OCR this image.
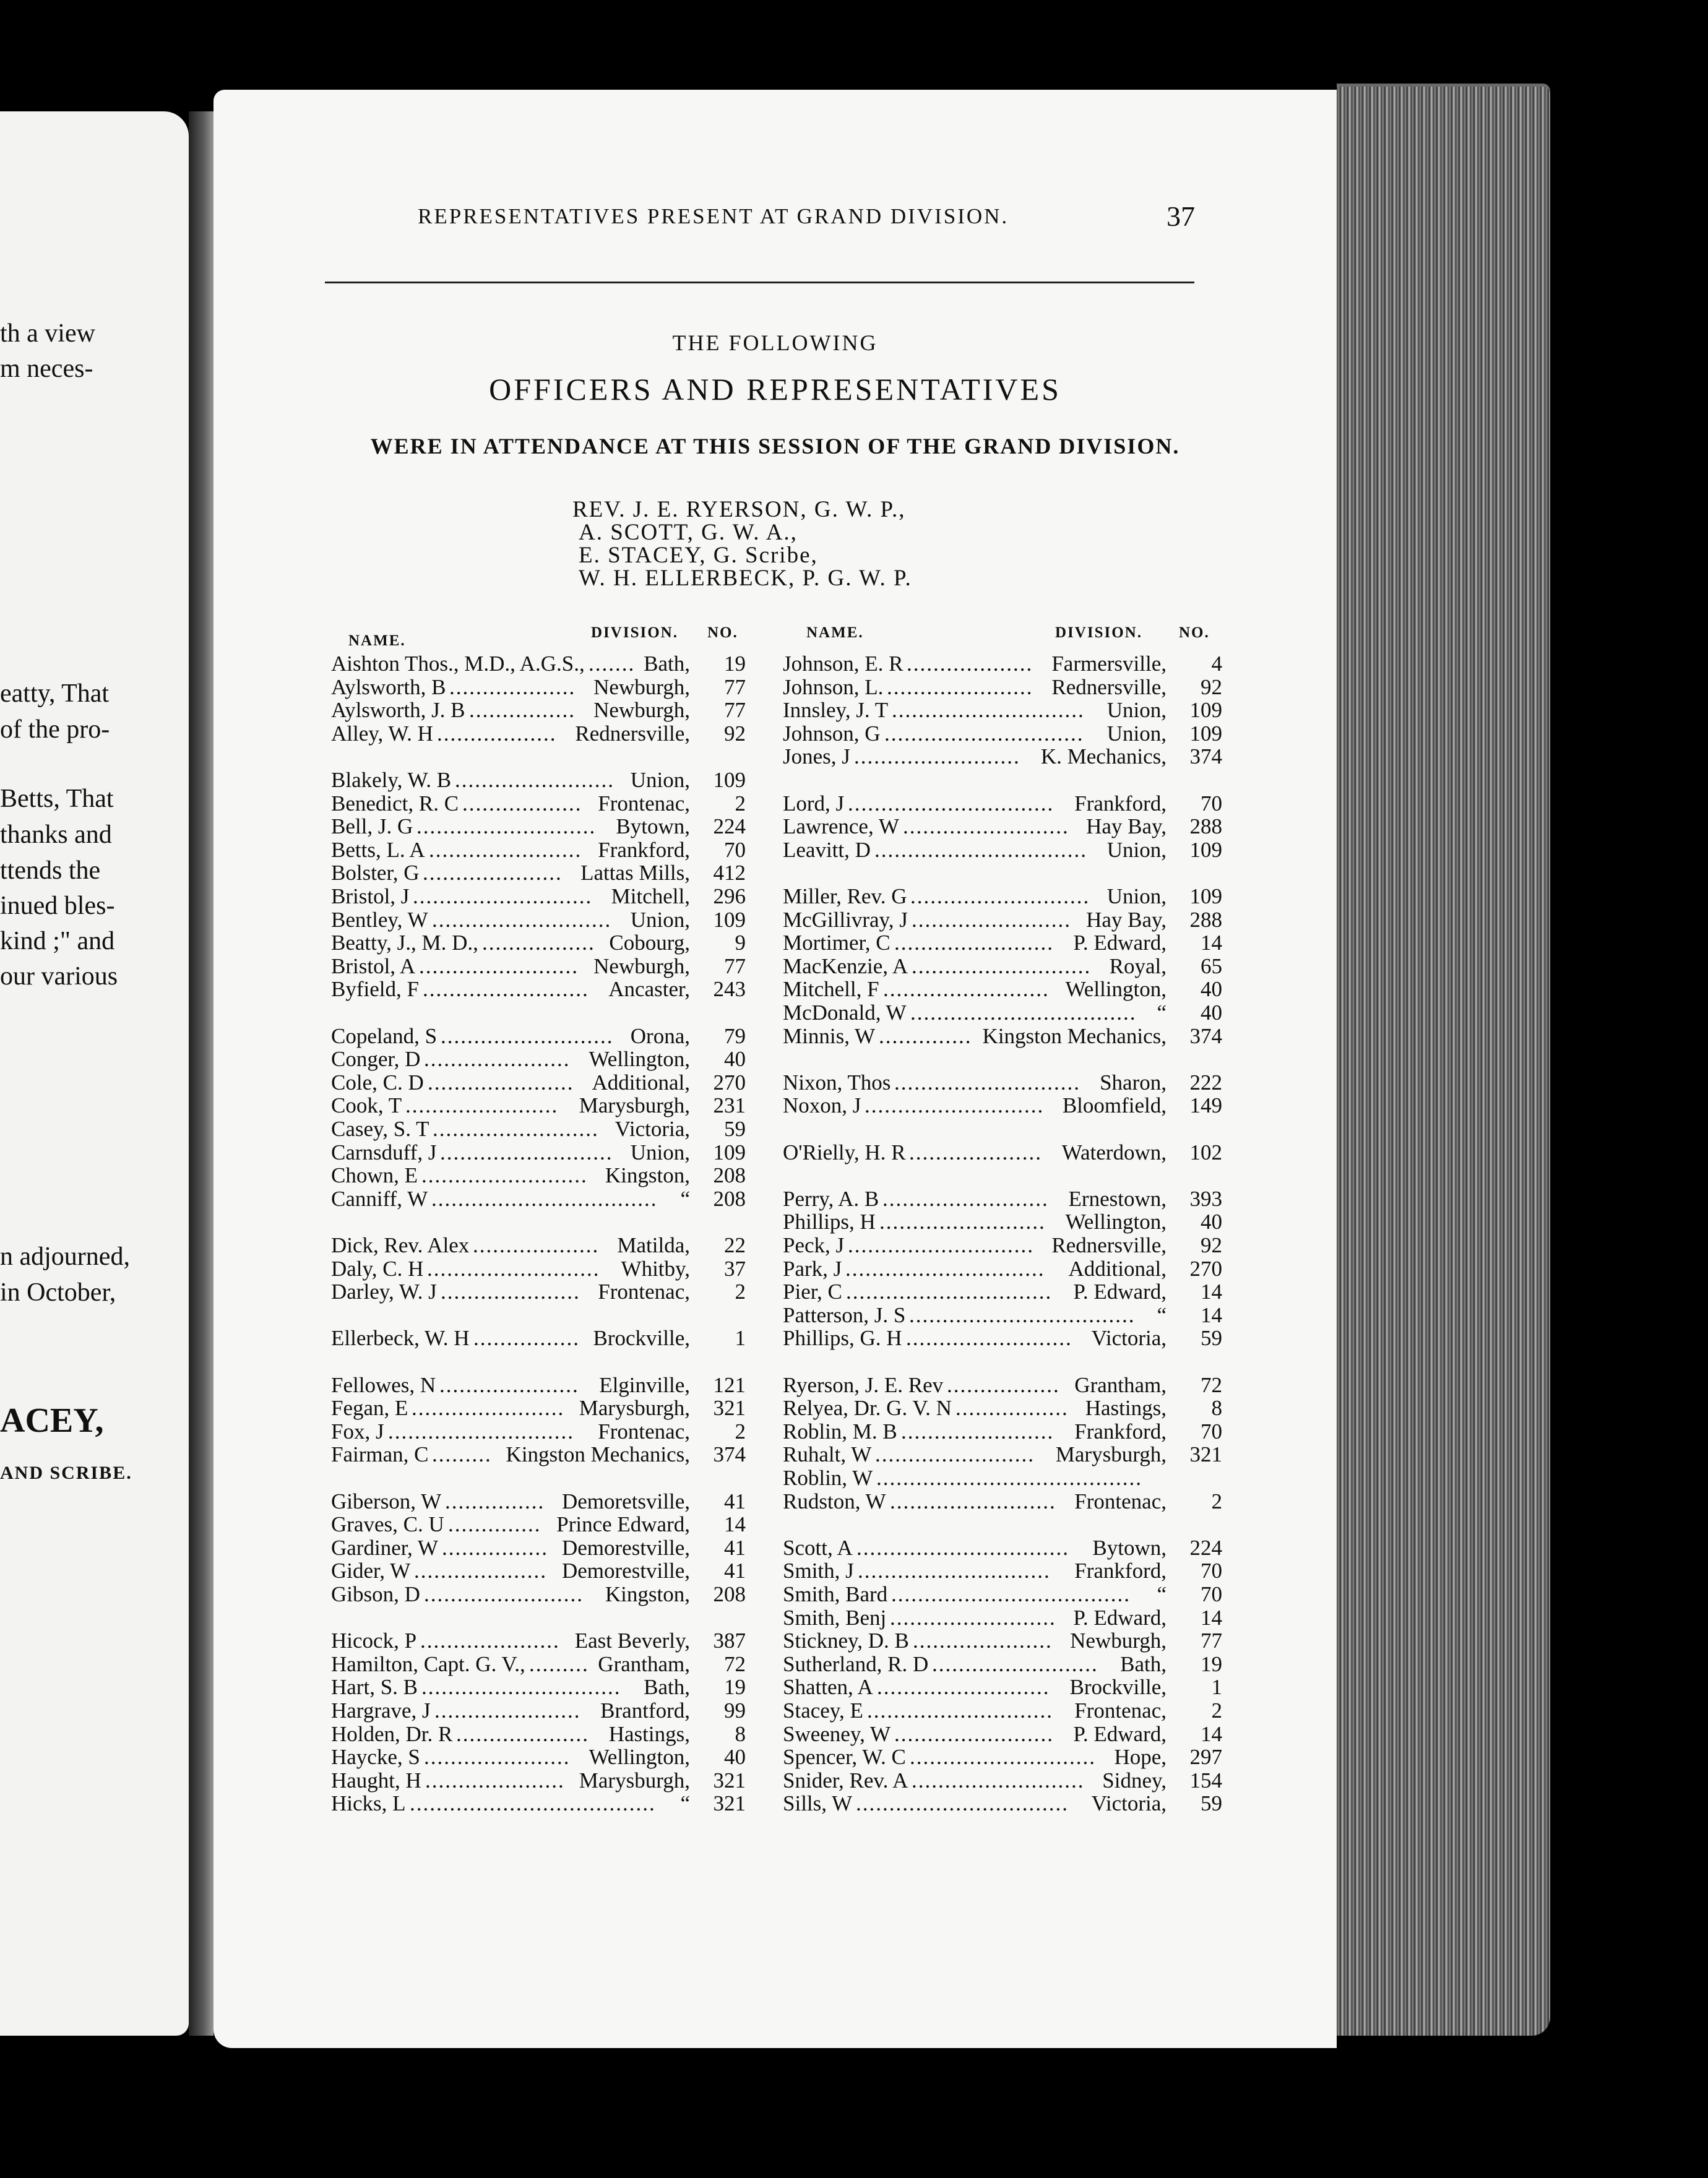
th a view
m neces-
eatty, That
of the pro-
Betts, That
thanks and
ttends the
inued bles-
kind ;" and
our various
n adjourned,
in October,
ACEY,
AND SCRIBE.
REPRESENTATIVES PRESENT AT GRAND DIVISION.	37
THE FOLLOWING
OFFICERS AND REPRESENTATIVES
WERE IN ATTENDANCE AT THIS SESSION OF THE GRAND DIVISION.
REV. J. E. RYERSON, G. W. P.,
A. SCOTT, G. W. A.,
E. STACEY, G. Scribe,
W. H. ELLERBECK, P. G. W. P.
NAME.	DIVISION. NO.	NAME.	DIVISION. NO.
Aishton Thos., M.D., A.G.S., ....... Bath,	19
Aylsworth, B ................... Newburgh,	77
Aylsworth, J. B ................ Newburgh,	77
Alley, W. H .................. Rednersville,	92
Blakely, W. B ........................ Union,	109
Benedict, R. C .................. Frontenac,	2
Bell, J. G ........................... Bytown,	224
Betts, L. A ....................... Frankford,	70
Bolster, G ..................... Lattas Mills,	412
Bristol, J ........................... Mitchell,	296
Bentley, W ........................... Union,	109
Beatty, J., M. D., ................. Cobourg,	9
Bristol, A ........................ Newburgh,	77
Byfield, F ......................... Ancaster,	243
Copeland, S .......................... Orona,	79
Conger, D ...................... Wellington,	40
Cole, C. D ...................... Additional,	270
Cook, T ....................... Marysburgh,	231
Casey, S. T ......................... Victoria,	59
Carnsduff, J .......................... Union,	109
Chown, E ......................... Kingston,	208
Canniff, W ..................................	“	208
Dick, Rev. Alex ................... Matilda,	22
Daly, C. H .......................... Whitby,	37
Darley, W. J ..................... Frontenac,	2
Ellerbeck, W. H ................ Brockville,	1
Fellowes, N ..................... Elginville,	121
Fegan, E ....................... Marysburgh,	321
Fox, J ............................	Frontenac,	2
Fairman, C ......... Kingston Mechanics,	374
Giberson, W ............... Demoretsville,	41
Graves, C. U .............. Prince Edward,	14
Gardiner, W ................ Demorestville,	41
Gider, W .................... Demorestville,	41
Gibson, D ........................ Kingston,	208
Hicock, P ..................... East Beverly,	387
Hamilton, Capt. G. V., ......... Grantham,	72
Hart, S. B ..............................	Bath,	19
Hargrave, J ...................... Brantford,	99
Holden, Dr. R .................... Hastings,	8
Haycke, S ...................... Wellington,	40
Haught, H ..................... Marysburgh,	321
Hicks, L .....................................	“	321
Johnson, E. R ................... Farmersville,	4
Johnson, L. ...................... Rednersville,	92
Innsley, J. T .............................	Union,	109
Johnson, G ..............................	Union,	109
Jones, J ......................... K. Mechanics,	374
Lord, J ............................... Frankford,	70
Lawrence, W ......................... Hay Bay,	288
Leavitt, D ................................ Union,	109
Miller, Rev. G ........................... Union,	109
McGillivray, J ........................ Hay Bay,	288
Mortimer, C ........................ P. Edward,	14
MacKenzie, A ........................... Royal,	65
Mitchell, F ......................... Wellington,	40
McDonald, W .................................. “	40
Minnis, W .............. Kingston Mechanics,	374
Nixon, Thos ............................ Sharon,	222
Noxon, J ........................... Bloomfield,	149
O'Rielly, H. R .................... Waterdown,	102
Perry, A. B ......................... Ernestown,	393
Phillips, H ......................... Wellington,	40
Peck, J ............................ Rednersville,	92
Park, J ..............................	Additional,	270
Pier, C ............................... P. Edward,	14
Patterson, J. S .................................. “	14
Phillips, G. H ......................... Victoria,	59
Ryerson, J. E. Rev ................. Grantham,	72
Relyea, Dr. G. V. N ................. Hastings,	8
Roblin, M. B ....................... Frankford,	70
Ruhalt, W ........................ Marysburgh,	321
Roblin, W ........................................
Rudston, W ......................... Frontenac,	2
Scott, A ................................	Bytown,	224
Smith, J .............................	Frankford,	70
Smith, Bard ....................................	“	70
Smith, Benj ......................... P. Edward,	14
Stickney, D. B ..................... Newburgh,	77
Sutherland, R. D .........................	Bath,	19
Shatten, A .......................... Brockville,	1
Stacey, E ............................ Frontenac,	2
Sweeney, W ........................ P. Edward,	14
Spencer, W. C ............................ Hope,	297
Snider, Rev. A .......................... Sidney,	154
Sills, W ................................	Victoria,	59
